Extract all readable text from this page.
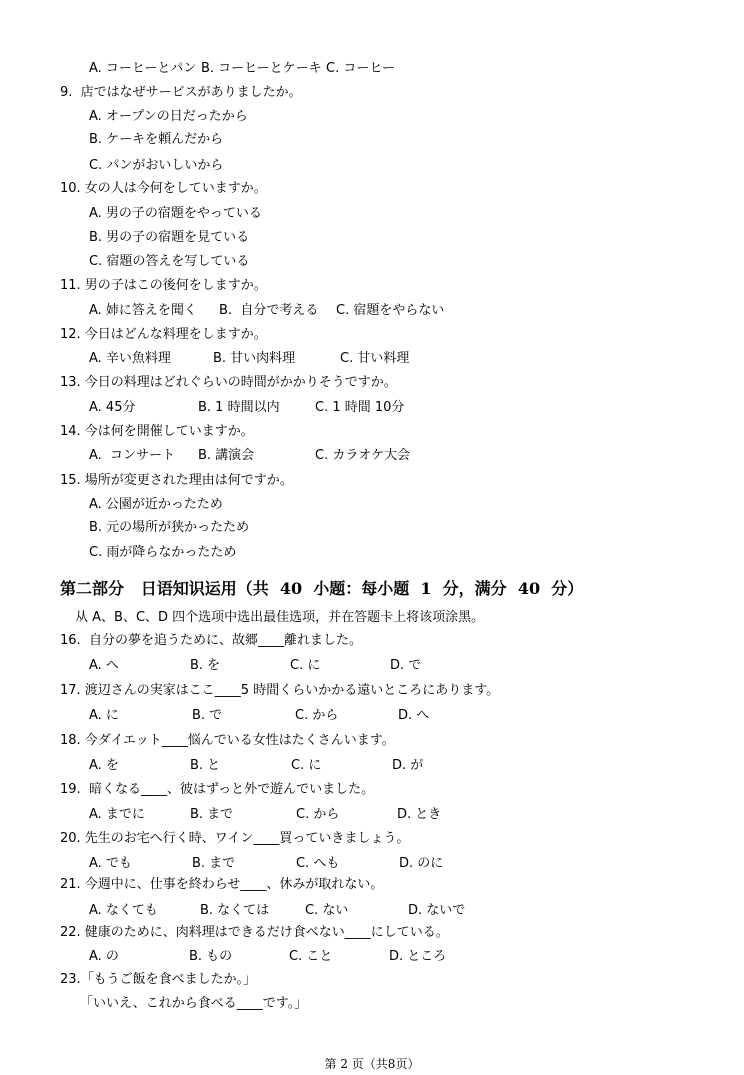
A. コーヒーとパン B. コーヒーとケーキ C. コーヒー
9.  店ではなぜサービスがありましたか。
A. オープンの日だったから
B. ケーキを頼んだから
C. パンがおいしいから
10. 女の人は今何をしていますか。
A. 男の子の宿題をやっている
B. 男の子の宿題を見ている
C. 宿題の答えを写している
11. 男の子はこの後何をしますか。
A. 姉に答えを聞く B.  自分で考える C. 宿題をやらない
12. 今日はどんな料理をしますか。
A. 辛い魚料理	B. 甘い肉料理	C. 甘い料理
13. 今日の料理はどれぐらいの時間がかかりそうですか。
A. 45分	B. 1 時間以内	C. 1 時間 10分
14. 今は何を開催していますか。
A.  コンサート B. 講演会	C. カラオケ大会
15. 場所が変更された理由は何ですか。
A. 公園が近かったため
B. 元の場所が狭かったため
C. 雨が降らなかったため
第二部分   日语知识运用（共  40  小题：每小题  1  分，满分  40  分）
从 A、B、C、D 四个选项中选出最佳选项，并在答题卡上将该项涂黑。
16.  自分の夢を追うために、故郷____離れました。
A. へ	B. を	C. に	D. で
17. 渡辺さんの実家はここ____5 時間くらいかかる遠いところにあります。
A. に	B. で	C. から	D. へ
18. 今ダイエット____悩んでいる女性はたくさんいます。
A. を	B. と	C. に	D. が
19.  暗くなる____、彼はずっと外で遊んでいました。
A. までに	B. まで	C. から	D. とき
20. 先生のお宅へ行く時、ワイン____買っていきましょう。
A. でも	B. まで	C. へも	D. のに
21. 今週中に、仕事を終わらせ____、休みが取れない。
A. なくても	B. なくては	C. ない	D. ないで
22. 健康のために、肉料理はできるだけ食べない____にしている。
A. の	B. もの	C. こと	D. ところ
23.「もうご飯を食べましたか。」
「いいえ、これから食べる____です。」
第 2 页（共8页）
